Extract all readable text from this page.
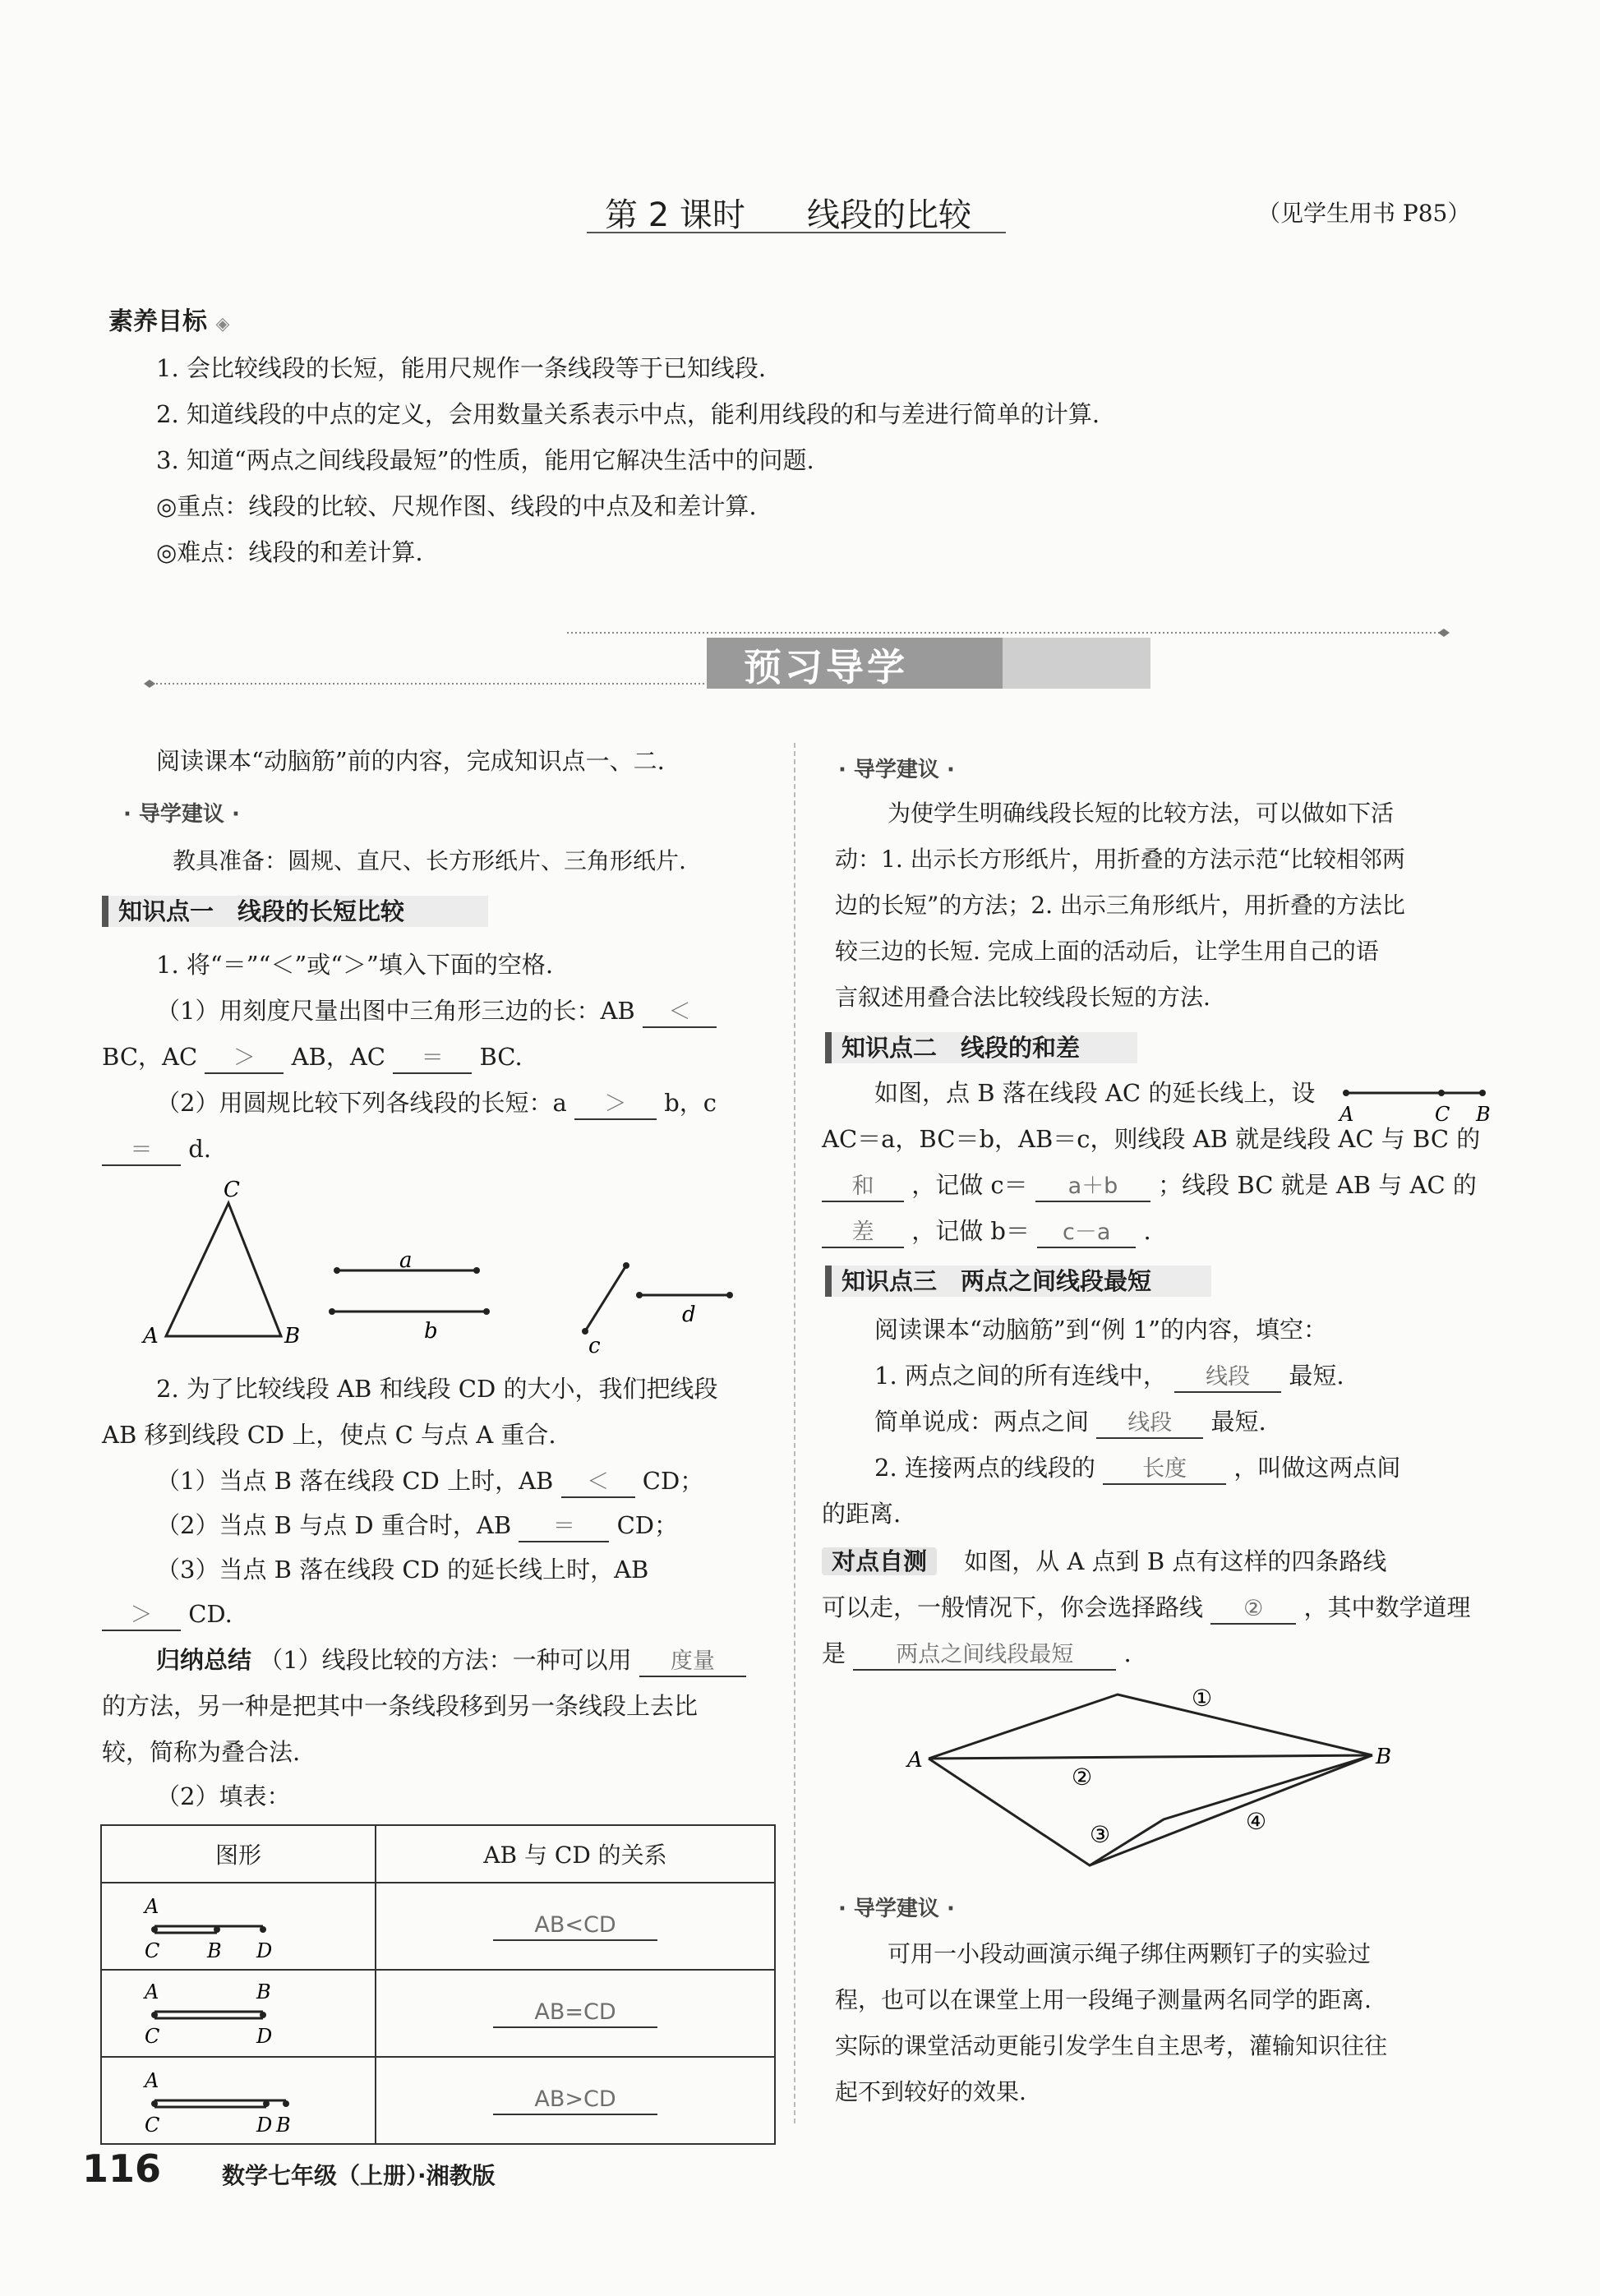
第 2 课时 线段的比较	（见学生用书 P85）
素养目标 ◈
1. 会比较线段的长短，能用尺规作一条线段等于已知线段.
2. 知道线段的中点的定义，会用数量关系表示中点，能利用线段的和与差进行简单的计算.
3. 知道“两点之间线段最短”的性质，能用它解决生活中的问题.
◎重点：线段的比较、尺规作图、线段的中点及和差计算.
◎难点：线段的和差计算.
预习导学
阅读课本“动脑筋”前的内容，完成知识点一、二.
· 导学建议 ·
教具准备：圆规、直尺、长方形纸片、三角形纸片.
知识点一　线段的长短比较
1. 将“＝”“＜”或“＞”填入下面的空格.
（1）用刻度尺量出图中三角形三边的长：AB ＜
BC，AC ＞ AB，AC ＝ BC.
（2）用圆规比较下列各线段的长短：a ＞ b，c
＝ d.
A	B
C
a
b
c
d
2. 为了比较线段 AB 和线段 CD 的大小，我们把线段
AB 移到线段 CD 上，使点 C 与点 A 重合.
（1）当点 B 落在线段 CD 上时，AB ＜ CD；
（2）当点 B 与点 D 重合时，AB ＝ CD；
（3）当点 B 落在线段 CD 的延长线上时，AB
＞ CD.
归纳总结 （1）线段比较的方法：一种可以用 度量
的方法，另一种是把其中一条线段移到另一条线段上去比
较，简称为叠合法.
（2）填表：
图形	AB 与 CD 的关系

A
C B D	AB<CD

A B
C D	AB=CD

A
C D B	AB>CD
· 导学建议 ·
为使学生明确线段长短的比较方法，可以做如下活
动：1. 出示长方形纸片，用折叠的方法示范“比较相邻两
边的长短”的方法；2. 出示三角形纸片，用折叠的方法比
较三边的长短. 完成上面的活动后，让学生用自己的语
言叙述用叠合法比较线段长短的方法.
知识点二　线段的和差
如图，点 B 落在线段 AC 的延长线上，设
A	C B
AC＝a，BC＝b，AB＝c，则线段 AB 就是线段 AC 与 BC 的
和 ，记做 c＝ a＋b ；线段 BC 就是 AB 与 AC 的
差 ，记做 b＝ c－a .
知识点三　两点之间线段最短
阅读课本“动脑筋”到“例 1”的内容，填空：
1. 两点之间的所有连线中， 线段 最短.
简单说成：两点之间 线段 最短.
2. 连接两点的线段的 长度 ，叫做这两点间
的距离.
对点自测 如图，从 A 点到 B 点有这样的四条路线
可以走，一般情况下，你会选择路线 ② ，其中数学道理
是 两点之间线段最短 .
A	B
①
②
③	④
· 导学建议 ·
可用一小段动画演示绳子绑住两颗钉子的实验过
程，也可以在课堂上用一段绳子测量两名同学的距离.
实际的课堂活动更能引发学生自主思考，灌输知识往往
起不到较好的效果.
116	数学七年级（上册）·湘教版
